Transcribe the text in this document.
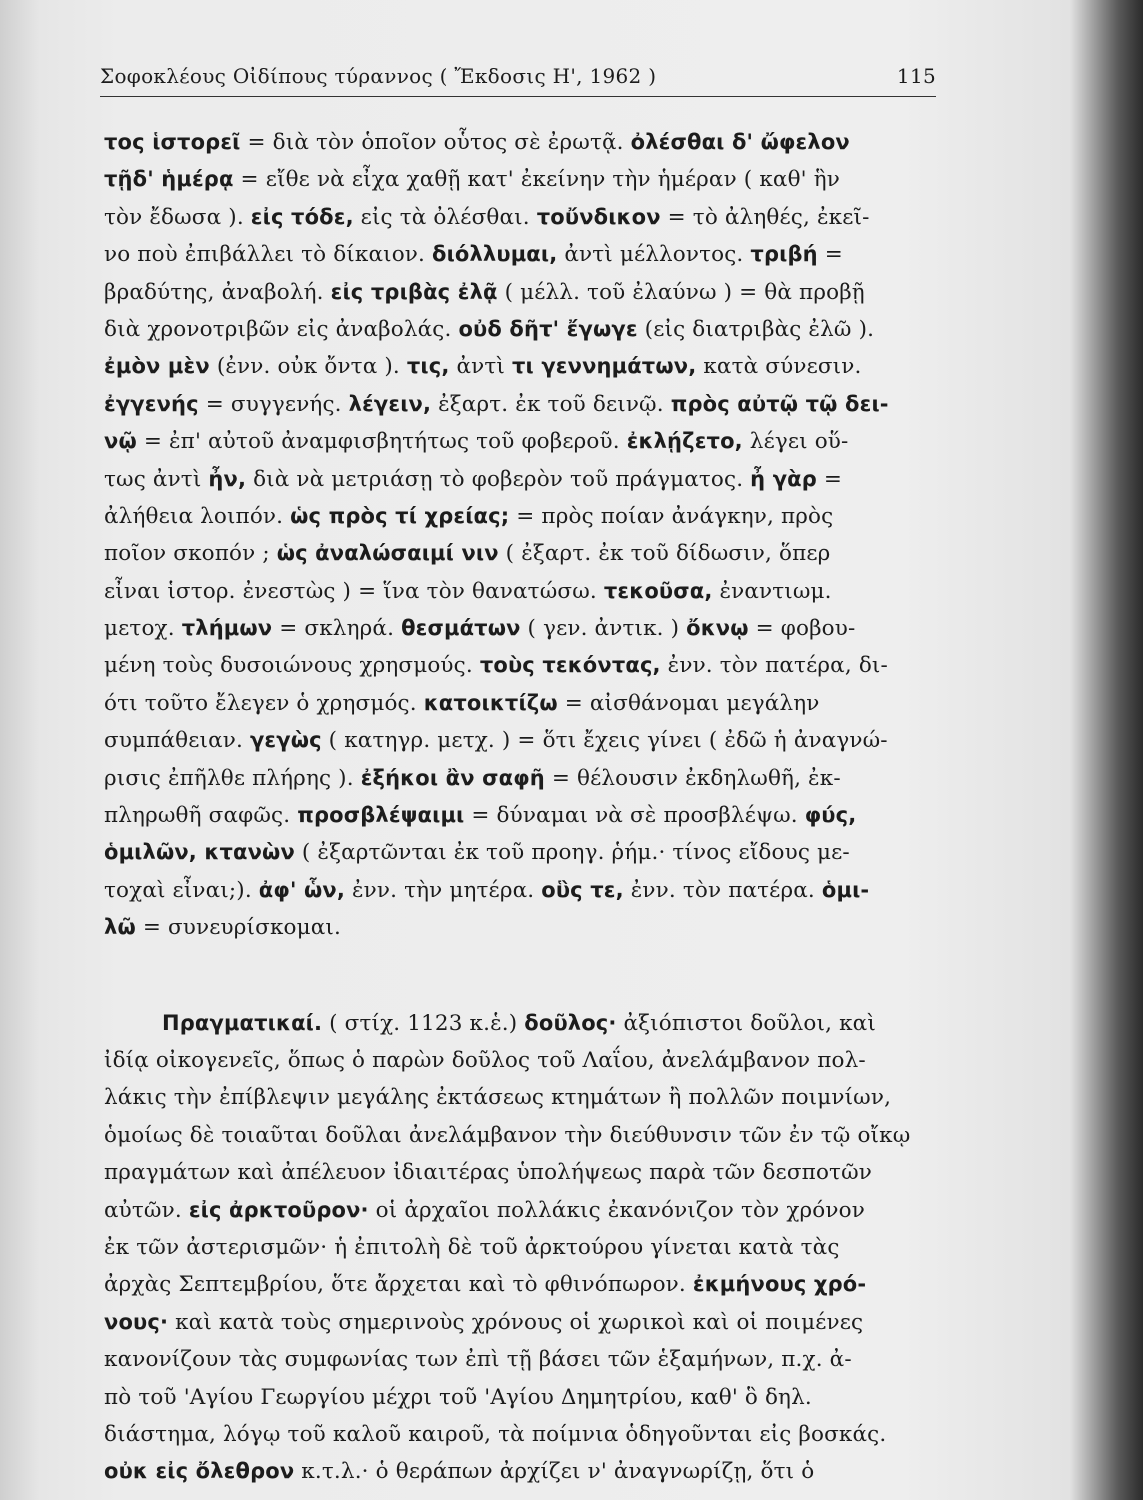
Σοφοκλέους Οἰδίπους τύραννος ( Ἔκδοσις Η', 1962 )	115
τος ἱστορεῖ = διὰ τὸν ὁποῖον οὗτος σὲ ἐρωτᾷ. ὀλέσθαι δ' ὤφελον
τῇδ' ἡμέρᾳ = εἴθε νὰ εἶχα χαθῇ κατ' ἐκείνην τὴν ἡμέραν ( καθ' ἣν
τὸν ἔδωσα ). εἰς τόδε, εἰς τὰ ὀλέσθαι. τοὔνδικον = τὸ ἀληθές, ἐκεῖ-
νο ποὺ ἐπιβάλλει τὸ δίκαιον. διόλλυμαι, ἀντὶ μέλλοντος. τριβή =
βραδύτης, ἀναβολή. εἰς τριβὰς ἐλᾷ ( μέλλ. τοῦ ἐλαύνω ) = θὰ προβῇ
διὰ χρονοτριβῶν εἰς ἀναβολάς. οὐδ δῆτ' ἔγωγε (εἰς διατριβὰς ἐλῶ ).
ἐμὸν μὲν (ἐνν. οὐκ ὄντα ). τις, ἀντὶ τι γεννημάτων, κατὰ σύνεσιν.
ἐγγενής = συγγενής. λέγειν, ἐξαρτ. ἐκ τοῦ δεινῷ. πρὸς αὐτῷ τῷ δει-
νῷ = ἐπ' αὐτοῦ ἀναμφισβητήτως τοῦ φοβεροῦ. ἐκλῄζετο, λέγει οὕ-
τως ἀντὶ ἦν, διὰ νὰ μετριάσῃ τὸ φοβερὸν τοῦ πράγματος. ἦ γὰρ =
ἀλήθεια λοιπόν. ὡς πρὸς τί χρείας; = πρὸς ποίαν ἀνάγκην, πρὸς
ποῖον σκοπόν ; ὡς ἀναλώσαιμί νιν ( ἐξαρτ. ἐκ τοῦ δίδωσιν, ὅπερ
εἶναι ἱστορ. ἐνεστὼς ) = ἵνα τὸν θανατώσω. τεκοῦσα, ἐναντιωμ.
μετοχ. τλήμων = σκληρά. θεσμάτων ( γεν. ἀντικ. ) ὄκνῳ = φοβου-
μένη τοὺς δυσοιώνους χρησμούς. τοὺς τεκόντας, ἐνν. τὸν πατέρα, δι-
ότι τοῦτο ἔλεγεν ὁ χρησμός. κατοικτίζω = αἰσθάνομαι μεγάλην
συμπάθειαν. γεγὼς ( κατηγρ. μετχ. ) = ὅτι ἔχεις γίνει ( ἐδῶ ἡ ἀναγνώ-
ρισις ἐπῆλθε πλήρης ). ἐξήκοι ἂν σαφῆ = θέλουσιν ἐκδηλωθῆ, ἐκ-
πληρωθῆ σαφῶς. προσβλέψαιμι = δύναμαι νὰ σὲ προσβλέψω. φύς,
ὁμιλῶν, κτανὼν ( ἐξαρτῶνται ἐκ τοῦ προηγ. ῥήμ.· τίνος εἴδους με-
τοχαὶ εἶναι;). ἀφ' ὧν, ἐνν. τὴν μητέρα. οὓς τε, ἐνν. τὸν πατέρα. ὁμι-
λῶ = συνευρίσκομαι.
Πραγματικαί. ( στίχ. 1123 κ.ἑ.) δοῦλος· ἀξιόπιστοι δοῦλοι, καὶ
ἰδίᾳ οἰκογενεῖς, ὅπως ὁ παρὼν δοῦλος τοῦ Λαΐου, ἀνελάμβανον πολ-
λάκις τὴν ἐπίβλεψιν μεγάλης ἐκτάσεως κτημάτων ἢ πολλῶν ποιμνίων,
ὁμοίως δὲ τοιαῦται δοῦλαι ἀνελάμβανον τὴν διεύθυνσιν τῶν ἐν τῷ οἴκῳ
πραγμάτων καὶ ἀπέλευον ἰδιαιτέρας ὑπολήψεως παρὰ τῶν δεσποτῶν
αὐτῶν. εἰς ἀρκτοῦρον· οἱ ἀρχαῖοι πολλάκις ἐκανόνιζον τὸν χρόνον
ἐκ τῶν ἀστερισμῶν· ἡ ἐπιτολὴ δὲ τοῦ ἀρκτούρου γίνεται κατὰ τὰς
ἀρχὰς Σεπτεμβρίου, ὅτε ἄρχεται καὶ τὸ φθινόπωρον. ἐκμήνους χρό-
νους· καὶ κατὰ τοὺς σημερινοὺς χρόνους οἱ χωρικοὶ καὶ οἱ ποιμένες
κανονίζουν τὰς συμφωνίας των ἐπὶ τῇ βάσει τῶν ἑξαμήνων, π.χ. ἀ-
πὸ τοῦ 'Αγίου Γεωργίου μέχρι τοῦ 'Αγίου Δημητρίου, καθ' ὃ δηλ.
διάστημα, λόγῳ τοῦ καλοῦ καιροῦ, τὰ ποίμνια ὁδηγοῦνται εἰς βοσκάς.
οὐκ εἰς ὄλεθρον κ.τ.λ.· ὁ θεράπων ἀρχίζει ν' ἀναγνωρίζῃ, ὅτι ὁ
